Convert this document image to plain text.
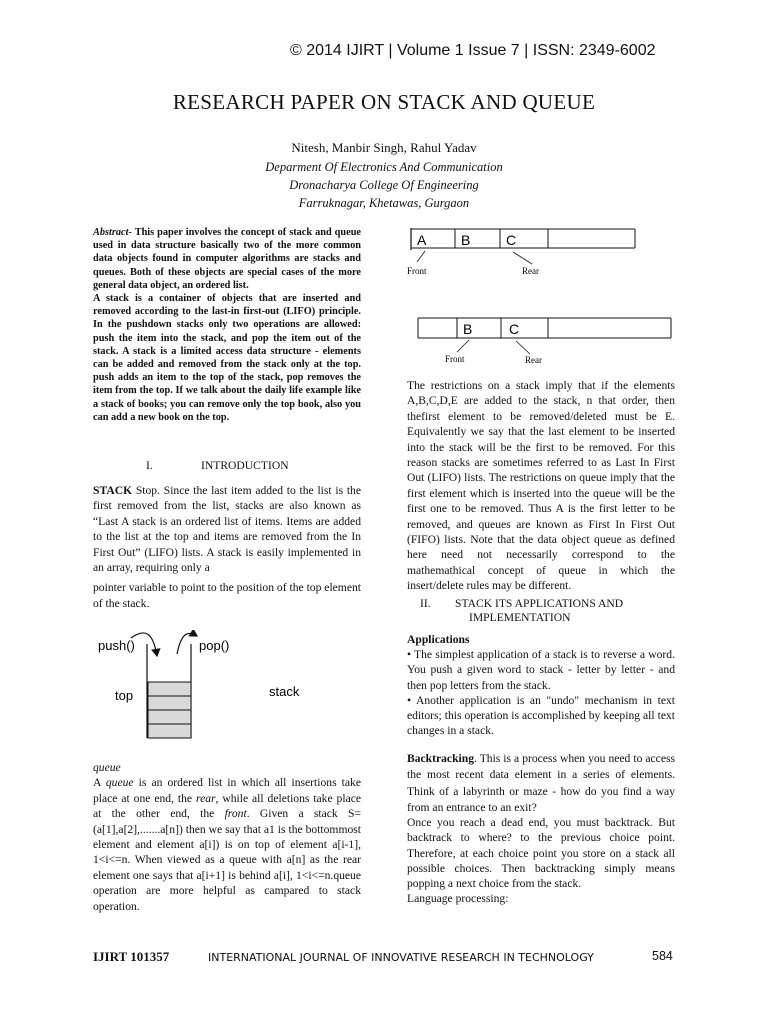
© 2014 IJIRT | Volume 1 Issue 7 | ISSN: 2349-6002
RESEARCH PAPER ON STACK AND QUEUE
Nitesh, Manbir Singh, Rahul Yadav
Deparment Of Electronics And Communication
Dronacharya College Of Engineering
Farruknagar, Khetawas, Gurgaon

Abstract- This paper involves the concept of stack and queue used in data structure basically two of the more common data objects found in computer algorithms are stacks and queues. Both of these objects are special cases of the more general data object, an ordered list.

A stack is a container of objects that are inserted and removed according to the last-in first-out (LIFO) principle. In the pushdown stacks only two operations are allowed: push the item into the stack, and pop the item out of the stack. A stack is a limited access data structure - elements can be added and removed from the stack only at the top. push adds an item to the top of the stack, pop removes the item from the top. If we talk about the daily life example like a stack of books; you can remove only the top book, also you can add a new book on the top.

I.	INTRODUCTION

STACK Stop. Since the last item added to the list is the first removed from the list, stacks are also known as “Last A stack is an ordered list of items. Items are added to the list at the top and items are removed from the In First Out” (LIFO) lists. A stack is easily implemented in an array, requiring only a

pointer variable to point to the position of the top element of the stack.

push()	pop()
top	stack

queue

A queue is an ordered list in which all insertions take place at one end, the rear, while all deletions take place at the other end, the front. Given a stack S=(a[1],a[2],.......a[n]) then we say that a1 is the bottommost element and element a[i]) is on top of element a[i-1], 1<i<=n. When viewed as a queue with a[n] as the rear element one says that a[i+1] is behind a[i], 1<i<=n.queue operation are more helpful as campared to stack operation.

A B	C
Front	Rear
B	C
Front	Rear

The restrictions on a stack imply that if the elements A,B,C,D,E are added to the stack, n that order, then thefirst element to be removed/deleted must be E. Equivalently we say that the last element to be inserted into the stack will be the first to be removed. For this reason stacks are sometimes referred to as Last In First Out (LIFO) lists. The restrictions on queue imply that the first element which is inserted into the queue will be the first one to be removed. Thus A is the first letter to be removed, and queues are known as First In First Out (FIFO) lists. Note that the data object queue as defined here need not necessarily correspond to the mathemathical concept of queue in which the insert/delete rules may be different.

II. STACK ITS APPLICATIONS AND
IMPLEMENTATION

Applications

• The simplest application of a stack is to reverse a word. You push a given word to stack - letter by letter - and then pop letters from the stack.

• Another application is an "undo" mechanism in text editors; this operation is accomplished by keeping all text changes in a stack.

Backtracking. This is a process when you need to access the most recent data element in a series of elements. Think of a labyrinth or maze - how do you find a way from an entrance to an exit?

Once you reach a dead end, you must backtrack. But backtrack to where? to the previous choice point. Therefore, at each choice point you store on a stack all possible choices. Then backtracking simply means popping a next choice from the stack.

Language processing:

IJIRT 101357	INTERNATIONAL JOURNAL OF INNOVATIVE RESEARCH IN TECHNOLOGY	584
